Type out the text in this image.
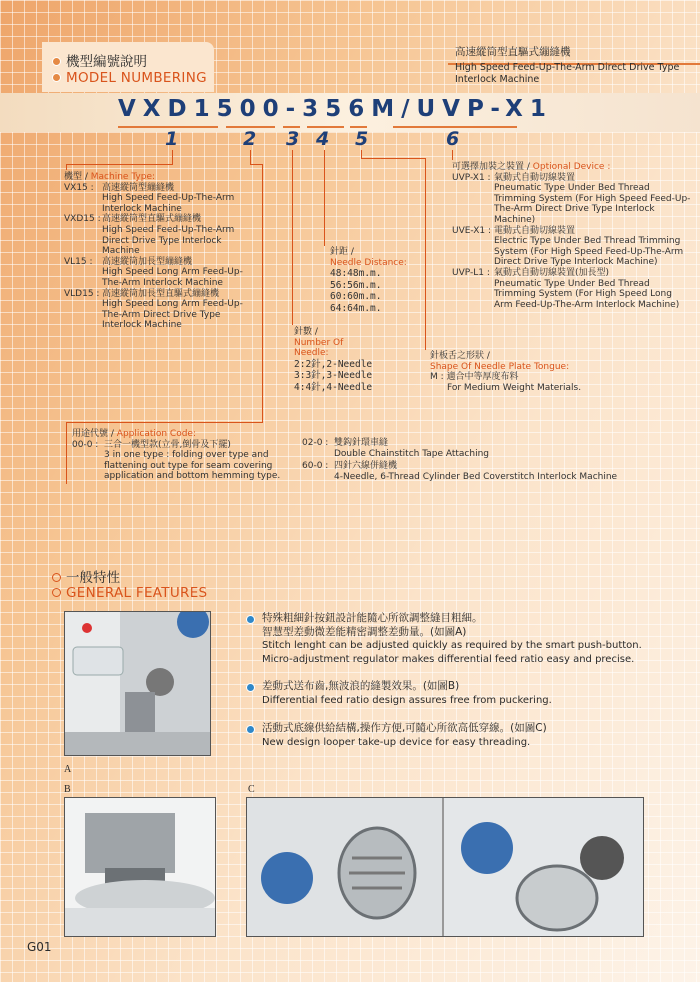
機型編號說明
MODEL NUMBERING
高速縱筒型直驅式繃縫機
High Speed Feed-Up-The-Arm Direct Drive Type Interlock Machine
VXD1500-356M/UVP-X1
1	2 3 4 5	6
機型 / Machine Type:
VX15 : 高速縱筒型繃縫機
High Speed Feed-Up-The-Arm Interlock Machine
VXD15 : 高速縱筒型直驅式繃縫機
High Speed Feed-Up-The-Arm Direct Drive Type Interlock Machine
VL15 :	高速縱筒加長型繃縫機
High Speed Long Arm Feed-Up-The-Arm Interlock Machine
VLD15 : 高速縱筒加長型直驅式繃縫機
High Speed Long Arm Feed-Up-The-Arm Direct Drive Type Interlock Machine
針距 /
Needle Distance:
48:48m.m.
56:56m.m.
60:60m.m.
64:64m.m.
針數 /
Number Of
Needle:
2:2針,2-Needle
3:3針,3-Needle
4:4針,4-Needle
可選擇加裝之裝置 / Optional Device :
UVP-X1 : 氣動式自動切線裝置
Pneumatic Type Under Bed Thread Trimming System (For High Speed Feed-Up-The-Arm Direct Drive Type Interlock Machine)
UVE-X1 : 電動式自動切線裝置
Electric Type Under Bed Thread Trimming System (For High Speed Feed-Up-The-Arm Direct Drive Type Interlock Machine)
UVP-L1 : 氣動式自動切線裝置(加長型)
Pneumatic Type Under Bed Thread Trimming System (For High Speed Long Arm Feed-Up-The-Arm Interlock Machine)
針板舌之形狀 /
Shape Of Needle Plate Tongue:
M : 適合中等厚度布料
For Medium Weight Materials.
用途代號 / Application Code:
00-0 : 三合一機型款(立骨,倒骨及下擺)
3 in one type : folding over type and flattening out type for seam covering application and bottom hemming type.
02-0 : 雙鈎針環車縫
Double Chainstitch Tape Attaching
60-0 : 四針六線併縫機
4-Needle, 6-Thread Cylinder Bed Coverstitch Interlock Machine
一般特性
GENERAL FEATURES
特殊粗細針按鈕設計能隨心所欲調整縫目粗細。
智慧型差動微差能精密調整差動量。(如圖A)
Stitch lenght can be adjusted quickly as required by the smart push-button.
Micro-adjustment regulator makes differential feed ratio easy and precise.
差動式送布齒,無波浪的縫製效果。(如圖B)
Differential feed ratio design assures free from puckering.
活動式底線供給結構,操作方便,可隨心所欲高低穿線。(如圖C)
New design looper take-up device for easy threading.
A
B	C
G01
